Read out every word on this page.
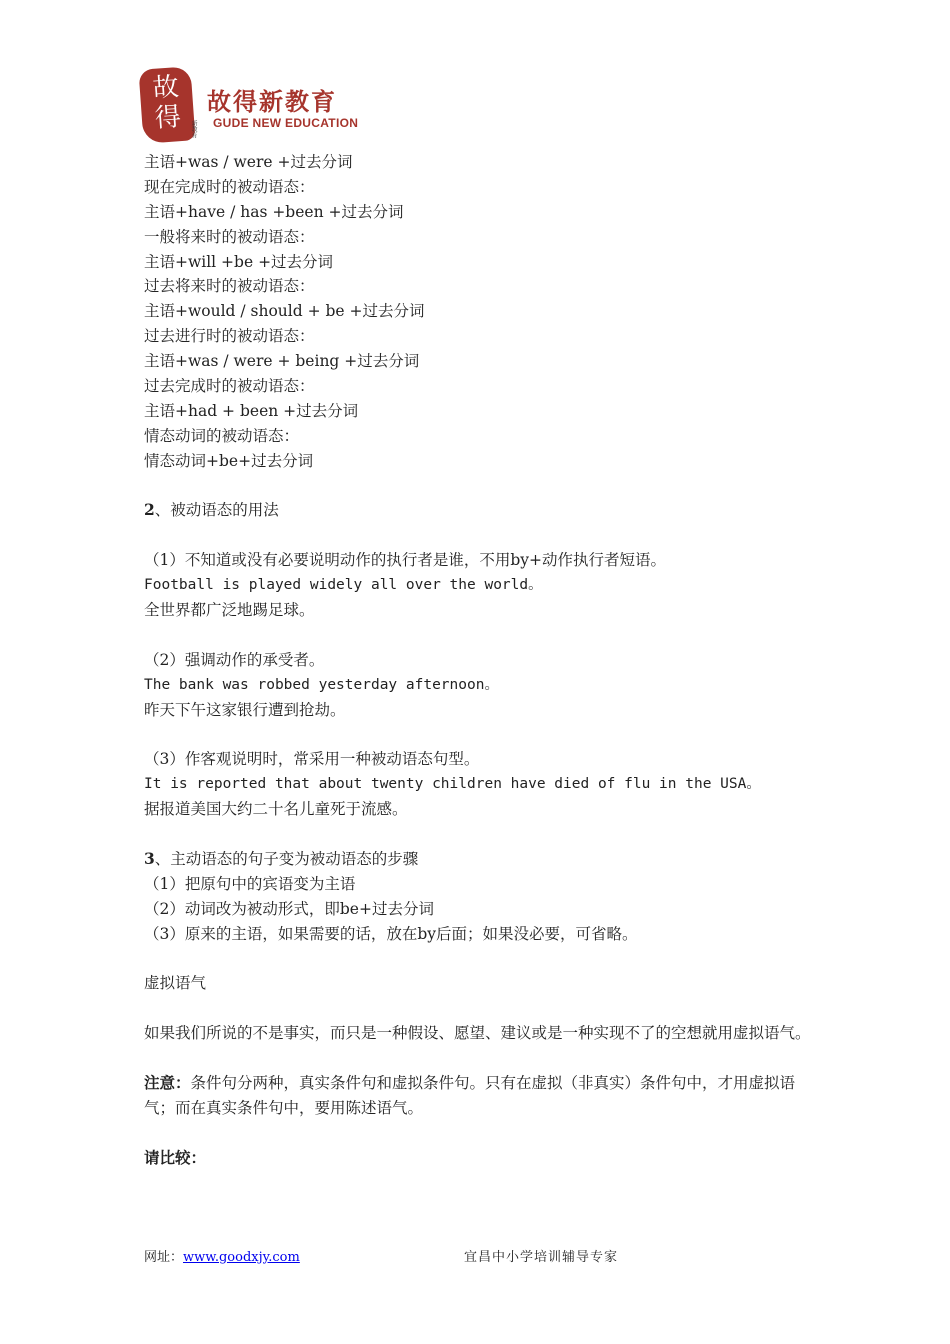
故
得	新教育
故得新教育
GUDE NEW EDUCATION
主语+was / were +过去分词
现在完成时的被动语态：
主语+have / has +been +过去分词
一般将来时的被动语态：
主语+will +be +过去分词
过去将来时的被动语态：
主语+would / should + be +过去分词
过去进行时的被动语态：
主语+was / were + being +过去分词
过去完成时的被动语态：
主语+had + been +过去分词
情态动词的被动语态：
情态动词+be+过去分词
2、被动语态的用法
（1）不知道或没有必要说明动作的执行者是谁，不用by+动作执行者短语。
Football is played widely all over the world。
全世界都广泛地踢足球。
（2）强调动作的承受者。
The bank was robbed yesterday afternoon。
昨天下午这家银行遭到抢劫。
（3）作客观说明时，常采用一种被动语态句型。
It is reported that about twenty children have died of flu in the USA。
据报道美国大约二十名儿童死于流感。
3、主动语态的句子变为被动语态的步骤
（1）把原句中的宾语变为主语
（2）动词改为被动形式，即be+过去分词
（3）原来的主语，如果需要的话，放在by后面；如果没必要，可省略。
虚拟语气
如果我们所说的不是事实，而只是一种假设、愿望、建议或是一种实现不了的空想就用虚拟语气。
注意：条件句分两种，真实条件句和虚拟条件句。只有在虚拟（非真实）条件句中，才用虚拟语气；而在真实条件句中，要用陈述语气。
请比较：
网址：www.goodxjy.com	宜昌中小学培训辅导专家
